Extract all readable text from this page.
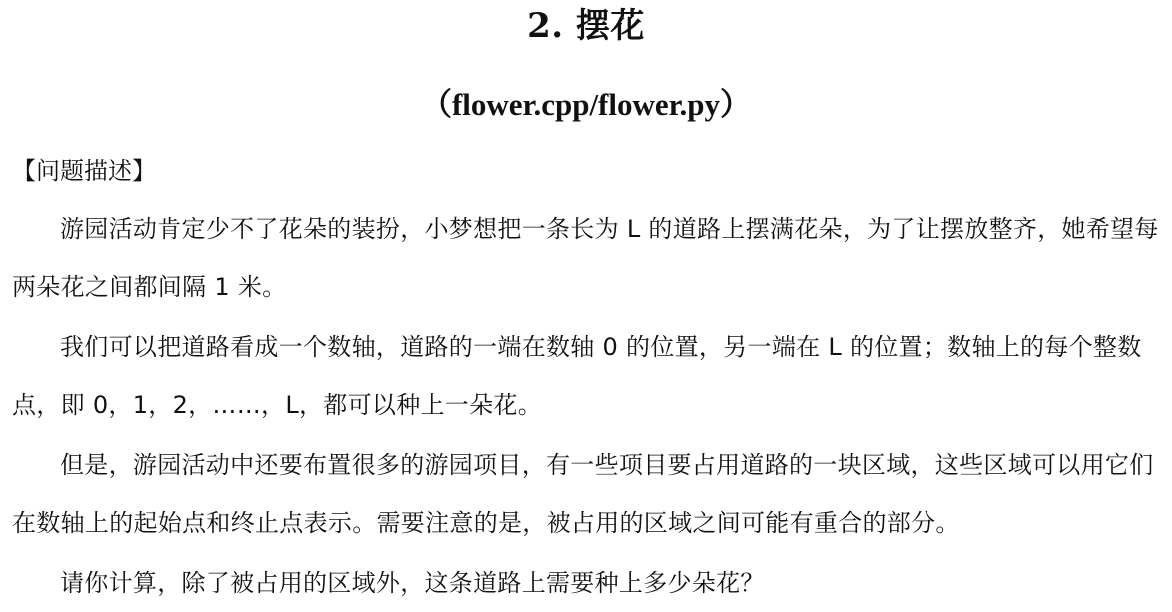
2. 摆花
（flower.cpp/flower.py）
【问题描述】

游园活动肯定少不了花朵的装扮，小梦想把一条长为 L 的道路上摆满花朵，为了让摆放整齐，她希望每两朵花之间都间隔 1 米。

我们可以把道路看成一个数轴，道路的一端在数轴 0 的位置，另一端在 L 的位置；数轴上的每个整数点，即 0，1，2，……，L，都可以种上一朵花。

但是，游园活动中还要布置很多的游园项目，有一些项目要占用道路的一块区域，这些区域可以用它们在数轴上的起始点和终止点表示。需要注意的是，被占用的区域之间可能有重合的部分。

请你计算，除了被占用的区域外，这条道路上需要种上多少朵花？
